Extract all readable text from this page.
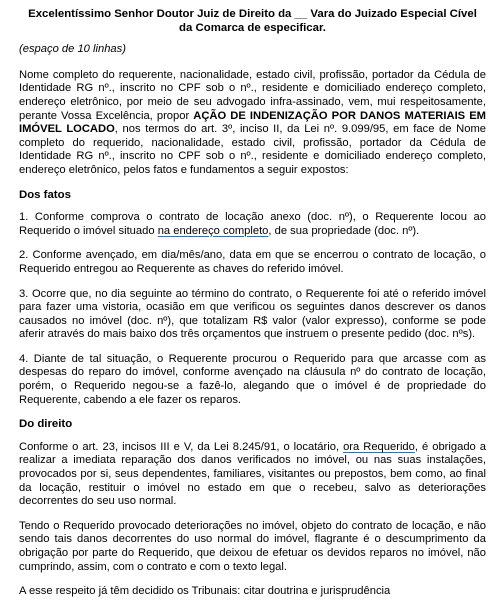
Excelentíssimo Senhor Doutor Juiz de Direito da __ Vara do Juizado Especial Cível
da Comarca de especificar.
(espaço de 10 linhas)

Nome completo do requerente, nacionalidade, estado civil, profissão, portador da Cédula de Identidade RG nº., inscrito no CPF sob o nº., residente e domiciliado endereço completo, endereço eletrônico, por meio de seu advogado infra-assinado, vem, mui respeitosamente, perante Vossa Excelência, propor AÇÃO DE INDENIZAÇÃO POR DANOS MATERIAIS EM IMÓVEL LOCADO, nos termos do art. 3º, inciso II, da Lei nº. 9.099/95, em face de Nome completo do requerido, nacionalidade, estado civil, profissão, portador da Cédula de Identidade RG nº., inscrito no CPF sob o nº., residente e domiciliado endereço completo, endereço eletrônico, pelos fatos e fundamentos a seguir expostos:

Dos fatos

1. Conforme comprova o contrato de locação anexo (doc. nº), o Requerente locou ao Requerido o imóvel situado na endereço completo, de sua propriedade (doc. nº).

2. Conforme avençado, em dia/mês/ano, data em que se encerrou o contrato de locação, o Requerido entregou ao Requerente as chaves do referido imóvel.

3. Ocorre que, no dia seguinte ao término do contrato, o Requerente foi até o referido imóvel para fazer uma vistoria, ocasião em que verificou os seguintes danos descrever os danos causados no imóvel (doc. nº), que totalizam R$ valor (valor expresso), conforme se pode aferir através do mais baixo dos três orçamentos que instruem o presente pedido (doc. nºs).

4. Diante de tal situação, o Requerente procurou o Requerido para que arcasse com as despesas do reparo do imóvel, conforme avençado na cláusula nº do contrato de locação, porém, o Requerido negou-se a fazê-lo, alegando que o imóvel é de propriedade do Requerente, cabendo a ele fazer os reparos.

Do direito

Conforme o art. 23, incisos III e V, da Lei 8.245/91, o locatário, ora Requerido, é obrigado a realizar a imediata reparação dos danos verificados no imóvel, ou nas suas instalações, provocados por si, seus dependentes, familiares, visitantes ou prepostos, bem como, ao final da locação, restituir o imóvel no estado em que o recebeu, salvo as deteriorações decorrentes do seu uso normal.

Tendo o Requerido provocado deteriorações no imóvel, objeto do contrato de locação, e não sendo tais danos decorrentes do uso normal do imóvel, flagrante é o descumprimento da obrigação por parte do Requerido, que deixou de efetuar os devidos reparos no imóvel, não cumprindo, assim, com o contrato e com o texto legal.

A esse respeito já têm decidido os Tribunais: citar doutrina e jurisprudência
